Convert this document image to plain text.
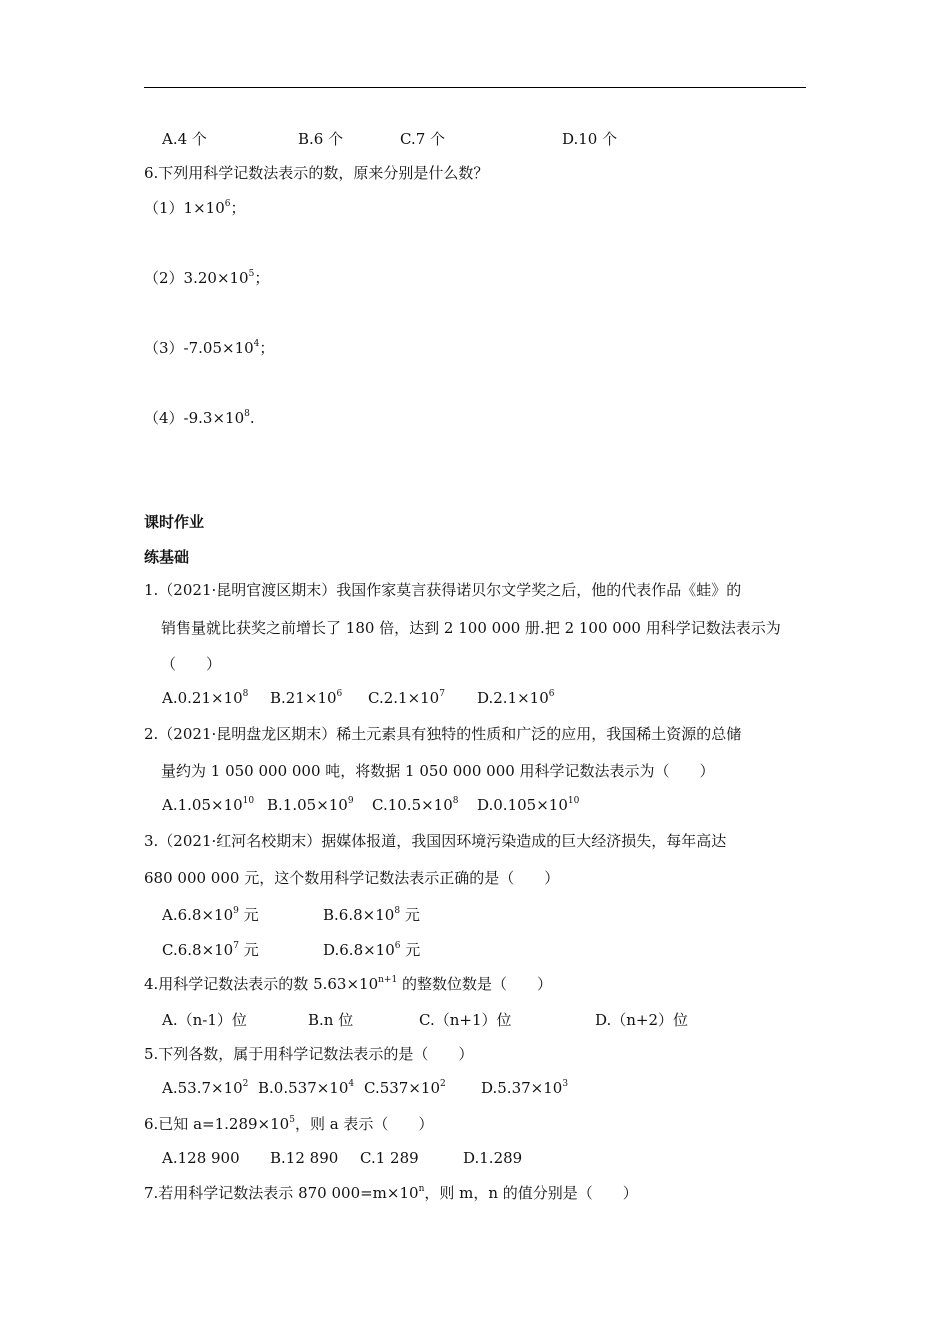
A.4 个	B.6 个	C.7 个	D.10 个
6.下列用科学记数法表示的数，原来分别是什么数？
$(1)1\times 10^6$；
$(2)3.20\times 10^5$；
$(3)-7.05\times 10^4$；
$(4)-9.3\times 10^8$.
课时作业
练基础
1.（2021·昆明官渡区期末）我国作家莫言获得诺贝尔文学奖之后，他的代表作品《蛙》的
销售量就比获奖之前增长了 180 倍，达到 2 100 000 册.把 2 100 000 用科学记数法表示为
（　　）
$A.0.21\times 10^8$ $B.21\times 10^6$ $C.2.1\times 10^7$ $D.2.1\times 10^6$
2.（2021·昆明盘龙区期末）稀土元素具有独特的性质和广泛的应用，我国稀土资源的总储
量约为 1 050 000 000 吨，将数据 1 050 000 000 用科学记数法表示为（　　）
$A.1.05\times 10^{10}$ $B.1.05\times 10^9$ $C.10.5\times 10^8$ $D.0.105\times 10^{10}$
3.（2021·红河名校期末）据媒体报道，我国因环境污染造成的巨大经济损失，每年高达
680 000 000 元，这个数用科学记数法表示正确的是（　　）
$A.6.8\times 10^9$ 元	$B.6.8\times 10^8$ 元
$C.6.8\times 10^7$ 元	$D.6.8\times 10^6$ 元
4.用科学记数法表示的数 $5.63\times 10^{n+1}$ 的整数位数是（　　）
A.（n-1）位	B.n 位	C.（n+1）位	D.（n+2）位
5.下列各数，属于用科学记数法表示的是（　　）
$A.53.7\times 10^2$ $B.0.537\times 10^4$ $C.537\times 10^2$ $D.5.37\times 10^3$
6.已知 $a=1.289\times 10^5$，则 a 表示（　　）
A.128 900 B.12 890 C.1 289	D.1.289
7.若用科学记数法表示 870 $000=m\times 10^n$，则 m，n 的值分别是（　　）
